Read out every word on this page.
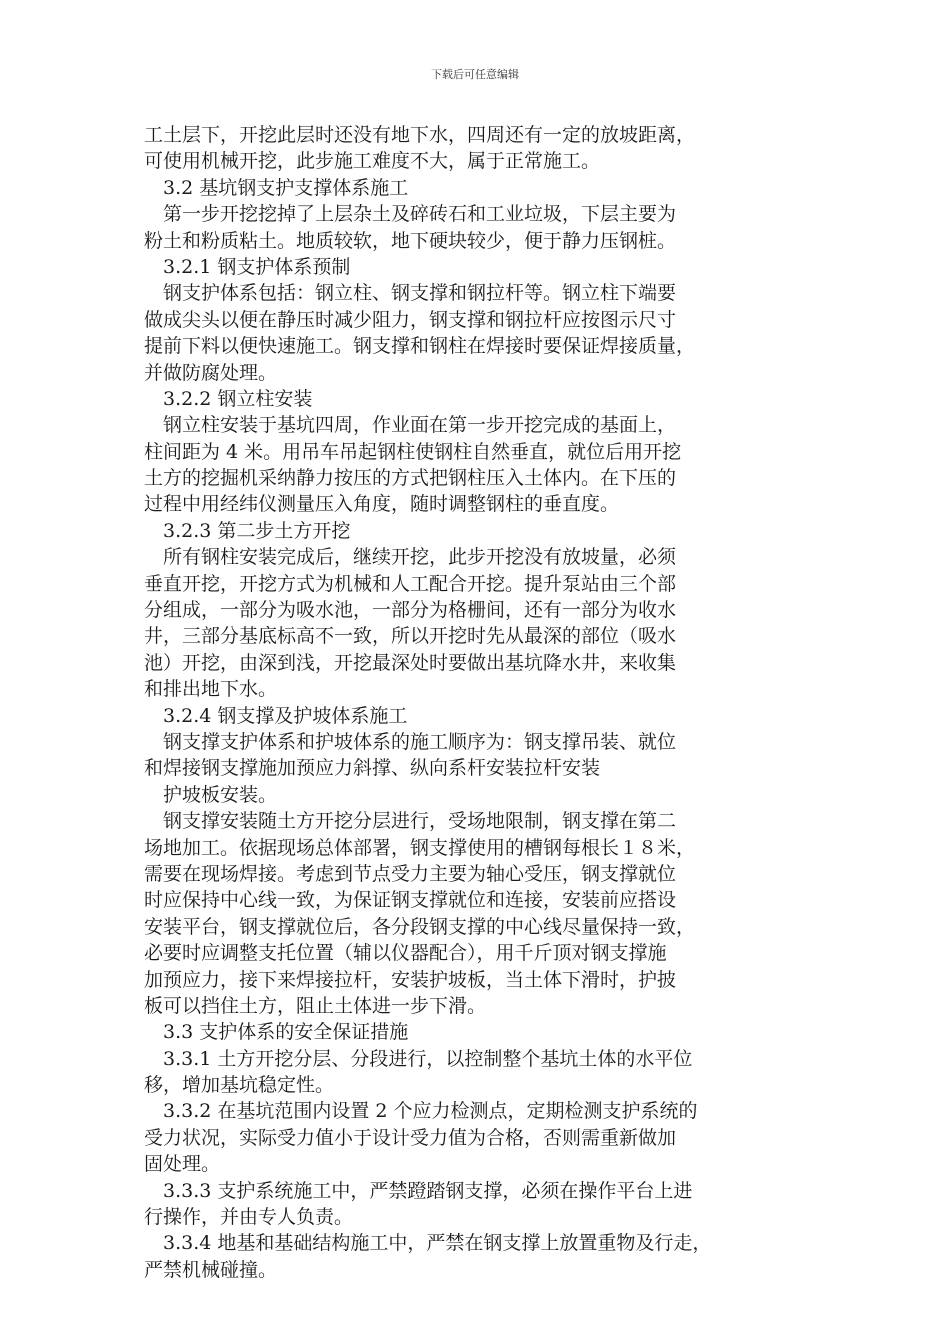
下载后可任意编辑
工土层下，开挖此层时还没有地下水，四周还有一定的放坡距离，
可使用机械开挖，此步施工难度不大，属于正常施工。
　3.2 基坑钢支护支撑体系施工
　第一步开挖挖掉了上层杂土及碎砖石和工业垃圾，下层主要为
粉土和粉质粘土。地质较软，地下硬块较少，便于静力压钢桩。
　3.2.1 钢支护体系预制
　钢支护体系包括：钢立柱、钢支撑和钢拉杆等。钢立柱下端要
做成尖头以便在静压时减少阻力，钢支撑和钢拉杆应按图示尺寸
提前下料以便快速施工。钢支撑和钢柱在焊接时要保证焊接质量，
并做防腐处理。
　3.2.2 钢立柱安装
　钢立柱安装于基坑四周，作业面在第一步开挖完成的基面上，
柱间距为 4 米。用吊车吊起钢柱使钢柱自然垂直，就位后用开挖
土方的挖掘机采纳静力按压的方式把钢柱压入土体内。在下压的
过程中用经纬仪测量压入角度，随时调整钢柱的垂直度。
　3.2.3 第二步土方开挖
　所有钢柱安装完成后，继续开挖，此步开挖没有放坡量，必须
垂直开挖，开挖方式为机械和人工配合开挖。提升泵站由三个部
分组成，一部分为吸水池，一部分为格栅间，还有一部分为收水
井，三部分基底标高不一致，所以开挖时先从最深的部位（吸水
池）开挖，由深到浅，开挖最深处时要做出基坑降水井，来收集
和排出地下水。
　3.2.4 钢支撑及护坡体系施工
　钢支撑支护体系和护坡体系的施工顺序为：钢支撑吊装、就位
和焊接钢支撑施加预应力斜撑、纵向系杆安装拉杆安装
　护坡板安装。
　钢支撑安装随土方开挖分层进行，受场地限制，钢支撑在第二
场地加工。依据现场总体部署，钢支撑使用的槽钢每根长１８米，
需要在现场焊接。考虑到节点受力主要为轴心受压，钢支撑就位
时应保持中心线一致，为保证钢支撑就位和连接，安装前应搭设
安装平台，钢支撑就位后，各分段钢支撑的中心线尽量保持一致，
必要时应调整支托位置（辅以仪器配合），用千斤顶对钢支撑施
加预应力，接下来焊接拉杆，安装护坡板，当土体下滑时，护披
板可以挡住土方，阻止土体进一步下滑。
　3.3 支护体系的安全保证措施
　3.3.1 土方开挖分层、分段进行，以控制整个基坑土体的水平位
移，增加基坑稳定性。
　3.3.2 在基坑范围内设置 2 个应力检测点，定期检测支护系统的
受力状况，实际受力值小于设计受力值为合格，否则需重新做加
固处理。
　3.3.3 支护系统施工中，严禁蹬踏钢支撑，必须在操作平台上进
行操作，并由专人负责。
　3.3.4 地基和基础结构施工中，严禁在钢支撑上放置重物及行走，
严禁机械碰撞。
